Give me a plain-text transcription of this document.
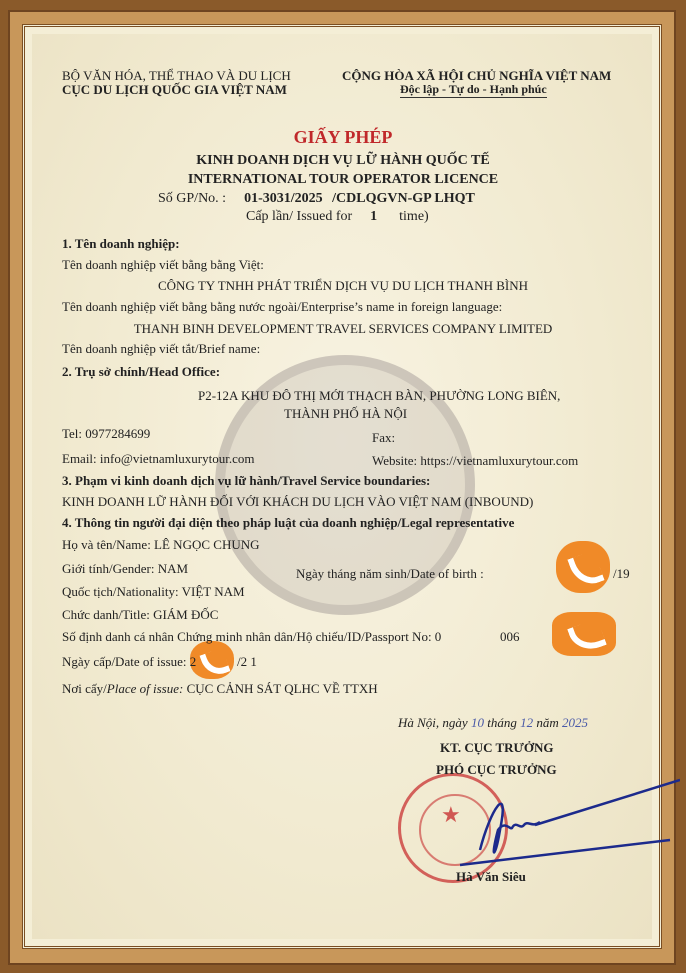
BỘ VĂN HÓA, THỂ THAO VÀ DU LỊCH
CỤC DU LỊCH QUỐC GIA VIỆT NAM
CỘNG HÒA XÃ HỘI CHỦ NGHĨA VIỆT NAM
Độc lập - Tự do - Hạnh phúc
GIẤY PHÉP
KINH DOANH DỊCH VỤ LỮ HÀNH QUỐC TẾ
INTERNATIONAL TOUR OPERATOR LICENCE
Số GP/No. : 01-3031/2025 /CDLQGVN-GP LHQT
Cấp lần/ Issued for 1 time)
1. Tên doanh nghiệp:
Tên doanh nghiệp viết bằng bằng Việt:
CÔNG TY TNHH PHÁT TRIỂN DỊCH VỤ DU LỊCH THANH BÌNH
Tên doanh nghiệp viết bằng bằng nước ngoài/Enterprise’s name in foreign language:
THANH BINH DEVELOPMENT TRAVEL SERVICES COMPANY LIMITED
Tên doanh nghiệp viết tắt/Brief name:
2. Trụ sở chính/Head Office:
P2-12A KHU ĐÔ THỊ MỚI THẠCH BÀN, PHƯỜNG LONG BIÊN,
THÀNH PHỐ HÀ NỘI
Tel: 0977284699	Fax:
Email: info@vietnamluxurytour.com	Website: https://vietnamluxurytour.com
3. Phạm vi kinh doanh dịch vụ lữ hành/Travel Service boundaries:
KINH DOANH LỮ HÀNH ĐỐI VỚI KHÁCH DU LỊCH VÀO VIỆT NAM (INBOUND)
4. Thông tin người đại diện theo pháp luật của doanh nghiệp/Legal representative
Họ và tên/Name: LÊ NGỌC CHUNG
Giới tính/Gender: NAM	Ngày tháng năm sinh/Date of birth :	/19
Quốc tịch/Nationality: VIỆT NAM
Chức danh/Title: GIÁM ĐỐC
Số định danh cá nhân Chứng minh nhân dân/Hộ chiếu/ID/Passport No: 0	006
Ngày cấp/Date of issue: 2	/2 1
Nơi cấy/Place of issue: CỤC CẢNH SÁT QLHC VỀ TTXH
Hà Nội, ngày 10 tháng 12 năm 2025
KT. CỤC TRƯỞNG
PHÓ CỤC TRƯỞNG
★
Hà Văn Siêu
